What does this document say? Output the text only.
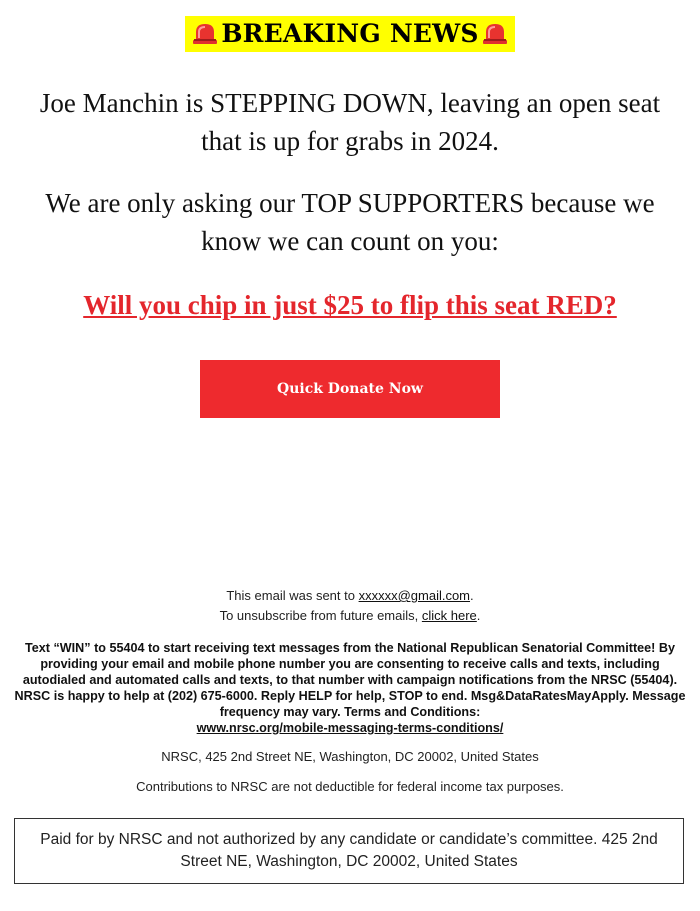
BREAKING NEWS
Joe Manchin is STEPPING DOWN, leaving an open seat that is up for grabs in 2024.
We are only asking our TOP SUPPORTERS because we know we can count on you:
Will you chip in just $25 to flip this seat RED?
Quick Donate Now
This email was sent to xxxxxx@gmail.com.
To unsubscribe from future emails, click here.
Text “WIN” to 55404 to start receiving text messages from the National Republican Senatorial Committee! By providing your email and mobile phone number you are consenting to receive calls and texts, including autodialed and automated calls and texts, to that number with campaign notifications from the NRSC (55404). NRSC is happy to help at (202) 675-6000. Reply HELP for help, STOP to end. Msg&DataRatesMayApply. Message frequency may vary. Terms and Conditions:
www.nrsc.org/mobile-messaging-terms-conditions/
NRSC, 425 2nd Street NE, Washington, DC 20002, United States
Contributions to NRSC are not deductible for federal income tax purposes.
Paid for by NRSC and not authorized by any candidate or candidate’s committee. 425 2nd Street NE, Washington, DC 20002, United States
